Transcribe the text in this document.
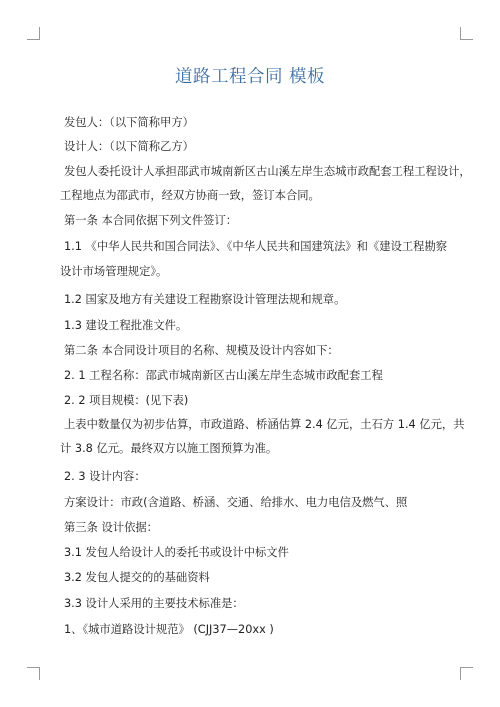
道路工程合同 模板
发包人：（以下简称甲方）
设计人：（以下简称乙方）
发包人委托设计人承担邵武市城南新区古山溪左岸生态城市政配套工程工程设计，
工程地点为邵武市，经双方协商一致，签订本合同。
第一条 本合同依据下列文件签订：
1.1 《中华人民共和国合同法》、《中华人民共和国建筑法》和《建设工程勘察
设计市场管理规定》。
1.2 国家及地方有关建设工程勘察设计管理法规和规章。
1.3 建设工程批准文件。
第二条 本合同设计项目的名称、规模及设计内容如下：
2. 1 工程名称：邵武市城南新区古山溪左岸生态城市政配套工程
2. 2 项目规模：(见下表)
上表中数量仅为初步估算，市政道路、桥涵估算 2.4 亿元，土石方 1.4 亿元，共
计 3.8 亿元。最终双方以施工图预算为准。
2. 3 设计内容：
方案设计：市政(含道路、桥涵、交通、给排水、电力电信及燃气、照
第三条 设计依据：
3.1 发包人给设计人的委托书或设计中标文件
3.2 发包人提交的的基础资料
3.3 设计人采用的主要技术标准是：
1、《城市道路设计规范》 (CJJ37—20xx )
